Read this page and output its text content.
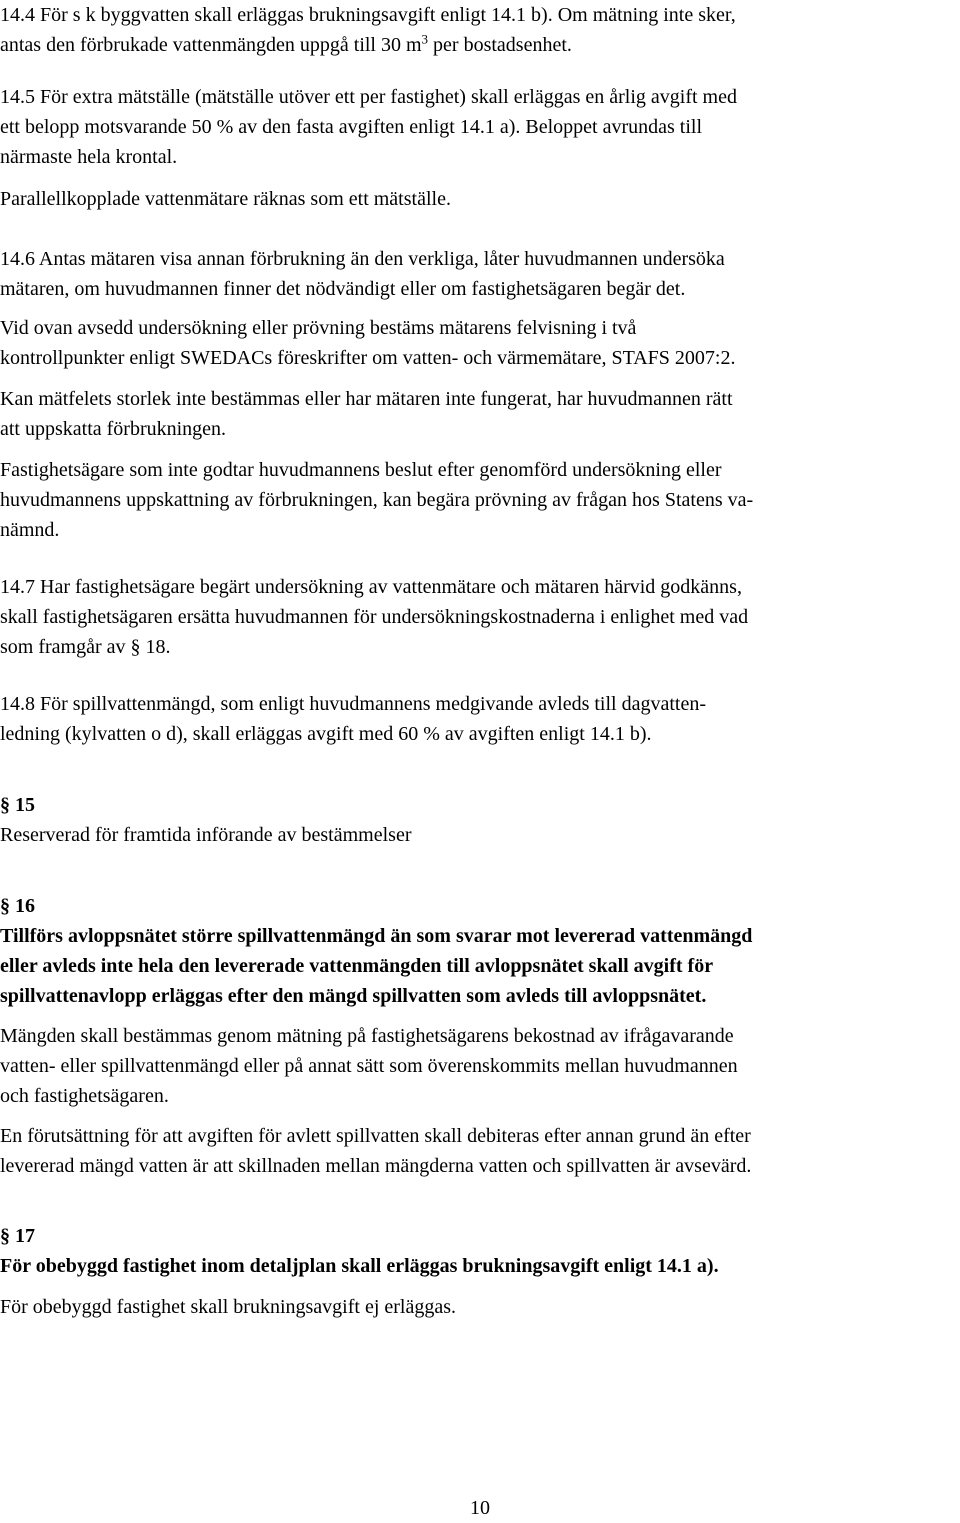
14.4 För s k byggvatten skall erläggas brukningsavgift enligt 14.1 b). Om mätning inte sker,

antas den förbrukade vattenmängden uppgå till 30 $m^3$ per bostadsenhet.

14.5 För extra mätställe (mätställe utöver ett per fastighet) skall erläggas en årlig avgift med

ett belopp motsvarande 50 % av den fasta avgiften enligt 14.1 a). Beloppet avrundas till

närmaste hela krontal.

Parallellkopplade vattenmätare räknas som ett mätställe.

14.6 Antas mätaren visa annan förbrukning än den verkliga, låter huvudmannen undersöka

mätaren, om huvudmannen finner det nödvändigt eller om fastighetsägaren begär det.

Vid ovan avsedd undersökning eller prövning bestäms mätarens felvisning i två

kontrollpunkter enligt SWEDACs föreskrifter om vatten- och värmemätare, STAFS 2007:2.

Kan mätfelets storlek inte bestämmas eller har mätaren inte fungerat, har huvudmannen rätt

att uppskatta förbrukningen.

Fastighetsägare som inte godtar huvudmannens beslut efter genomförd undersökning eller

huvudmannens uppskattning av förbrukningen, kan begära prövning av frågan hos Statens va-

nämnd.

14.7 Har fastighetsägare begärt undersökning av vattenmätare och mätaren härvid godkänns,

skall fastighetsägaren ersätta huvudmannen för undersökningskostnaderna i enlighet med vad

som framgår av § 18.

14.8 För spillvattenmängd, som enligt huvudmannens medgivande avleds till dagvatten-

ledning (kylvatten o d), skall erläggas avgift med 60 % av avgiften enligt 14.1 b).

§ 15

Reserverad för framtida införande av bestämmelser

§ 16

Tillförs avloppsnätet större spillvattenmängd än som svarar mot levererad vattenmängd

eller avleds inte hela den levererade vattenmängden till avloppsnätet skall avgift för

spillvattenavlopp erläggas efter den mängd spillvatten som avleds till avloppsnätet.

Mängden skall bestämmas genom mätning på fastighetsägarens bekostnad av ifrågavarande

vatten- eller spillvattenmängd eller på annat sätt som överenskommits mellan huvudmannen

och fastighetsägaren.

En förutsättning för att avgiften för avlett spillvatten skall debiteras efter annan grund än efter

levererad mängd vatten är att skillnaden mellan mängderna vatten och spillvatten är avsevärd.

§ 17

För obebyggd fastighet inom detaljplan skall erläggas brukningsavgift enligt 14.1 a).

För obebyggd fastighet skall brukningsavgift ej erläggas.

10
